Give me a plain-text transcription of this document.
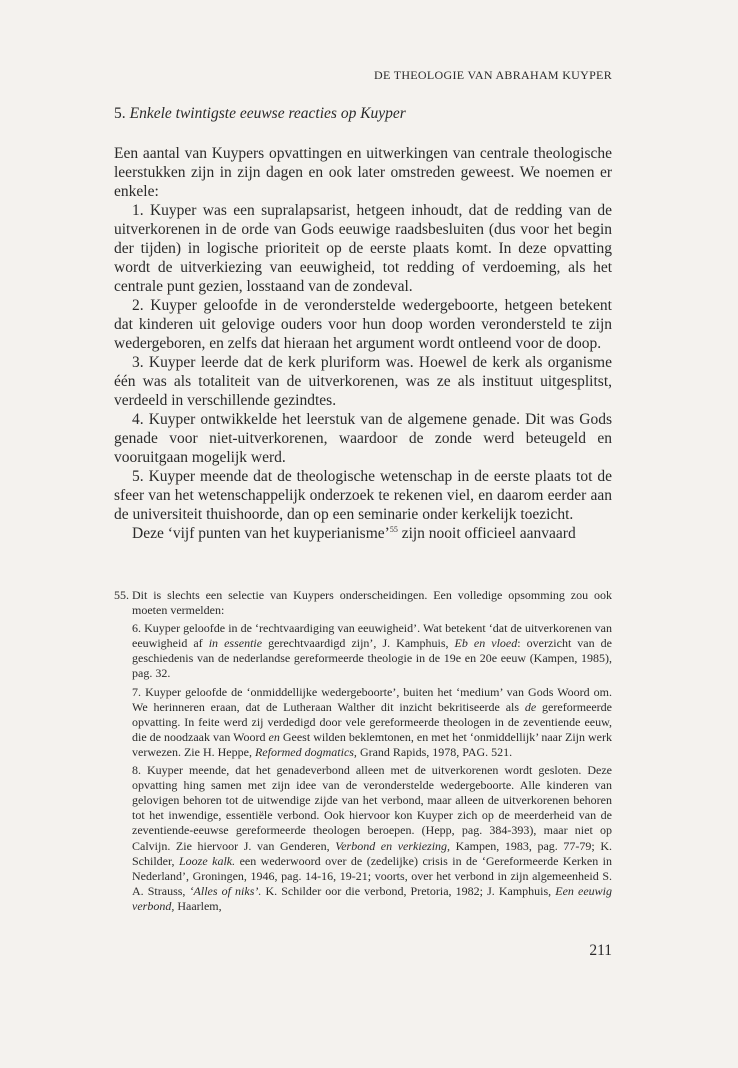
DE THEOLOGIE VAN ABRAHAM KUYPER
5. Enkele twintigste eeuwse reacties op Kuyper

Een aantal van Kuypers opvattingen en uitwerkingen van centrale theologische leerstukken zijn in zijn dagen en ook later omstreden geweest. We noemen er enkele:

1. Kuyper was een supralapsarist, hetgeen inhoudt, dat de redding van de uitverkorenen in de orde van Gods eeuwige raadsbesluiten (dus voor het begin der tijden) in logische prioriteit op de eerste plaats komt. In deze opvatting wordt de uitverkiezing van eeuwigheid, tot redding of verdoeming, als het centrale punt gezien, losstaand van de zondeval.

2. Kuyper geloofde in de veronderstelde wedergeboorte, hetgeen betekent dat kinderen uit gelovige ouders voor hun doop worden verondersteld te zijn wedergeboren, en zelfs dat hieraan het argument wordt ontleend voor de doop.

3. Kuyper leerde dat de kerk pluriform was. Hoewel de kerk als organisme één was als totaliteit van de uitverkorenen, was ze als instituut uitgesplitst, verdeeld in verschillende gezindtes.

4. Kuyper ontwikkelde het leerstuk van de algemene genade. Dit was Gods genade voor niet-uitverkorenen, waardoor de zonde werd beteugeld en vooruitgaan mogelijk werd.

5. Kuyper meende dat de theologische wetenschap in de eerste plaats tot de sfeer van het wetenschappelijk onderzoek te rekenen viel, en daarom eerder aan de universiteit thuishoorde, dan op een seminarie onder kerkelijk toezicht.

Deze ‘vijf punten van het kuyperianisme’$^{55}$ zijn nooit officieel aanvaard

55. Dit is slechts een selectie van Kuypers onderscheidingen. Een volledige opsomming zou ook moeten vermelden:

6. Kuyper geloofde in de ‘rechtvaardiging van eeuwigheid’. Wat betekent ‘dat de uitverkorenen van eeuwigheid af in essentie gerechtvaardigd zijn’, J. Kamphuis, Eb en vloed: overzicht van de geschiedenis van de nederlandse gereformeerde theologie in de 19e en 20e eeuw (Kampen, 1985), pag. 32.

7. Kuyper geloofde de ‘onmiddellijke wedergeboorte’, buiten het ‘medium’ van Gods Woord om. We herinneren eraan, dat de Lutheraan Walther dit inzicht bekritiseerde als de gereformeerde opvatting. In feite werd zij verdedigd door vele gereformeerde theologen in de zeventiende eeuw, die de noodzaak van Woord en Geest wilden beklemtonen, en met het ‘onmiddellijk’ naar Zijn werk verwezen. Zie H. Heppe, Reformed dogmatics, Grand Rapids, 1978, PAG. 521.

8. Kuyper meende, dat het genadeverbond alleen met de uitverkorenen wordt gesloten. Deze opvatting hing samen met zijn idee van de veronderstelde wedergeboorte. Alle kinderen van gelovigen behoren tot de uitwendige zijde van het verbond, maar alleen de uitverkorenen behoren tot het inwendige, essentiële verbond. Ook hiervoor kon Kuyper zich op de meerderheid van de zeventiende-eeuwse gereformeerde theologen beroepen. (Hepp, pag. 384-393), maar niet op Calvijn. Zie hiervoor J. van Genderen, Verbond en verkiezing, Kampen, 1983, pag. 77-79; K. Schilder, Looze kalk. een wederwoord over de (zedelijke) crisis in de ‘Gereformeerde Kerken in Nederland’, Groningen, 1946, pag. 14-16, 19-21; voorts, over het verbond in zijn algemeenheid S. A. Strauss, ‘Alles of niks’. K. Schilder oor die verbond, Pretoria, 1982; J. Kamphuis, Een eeuwig verbond, Haarlem,

211
